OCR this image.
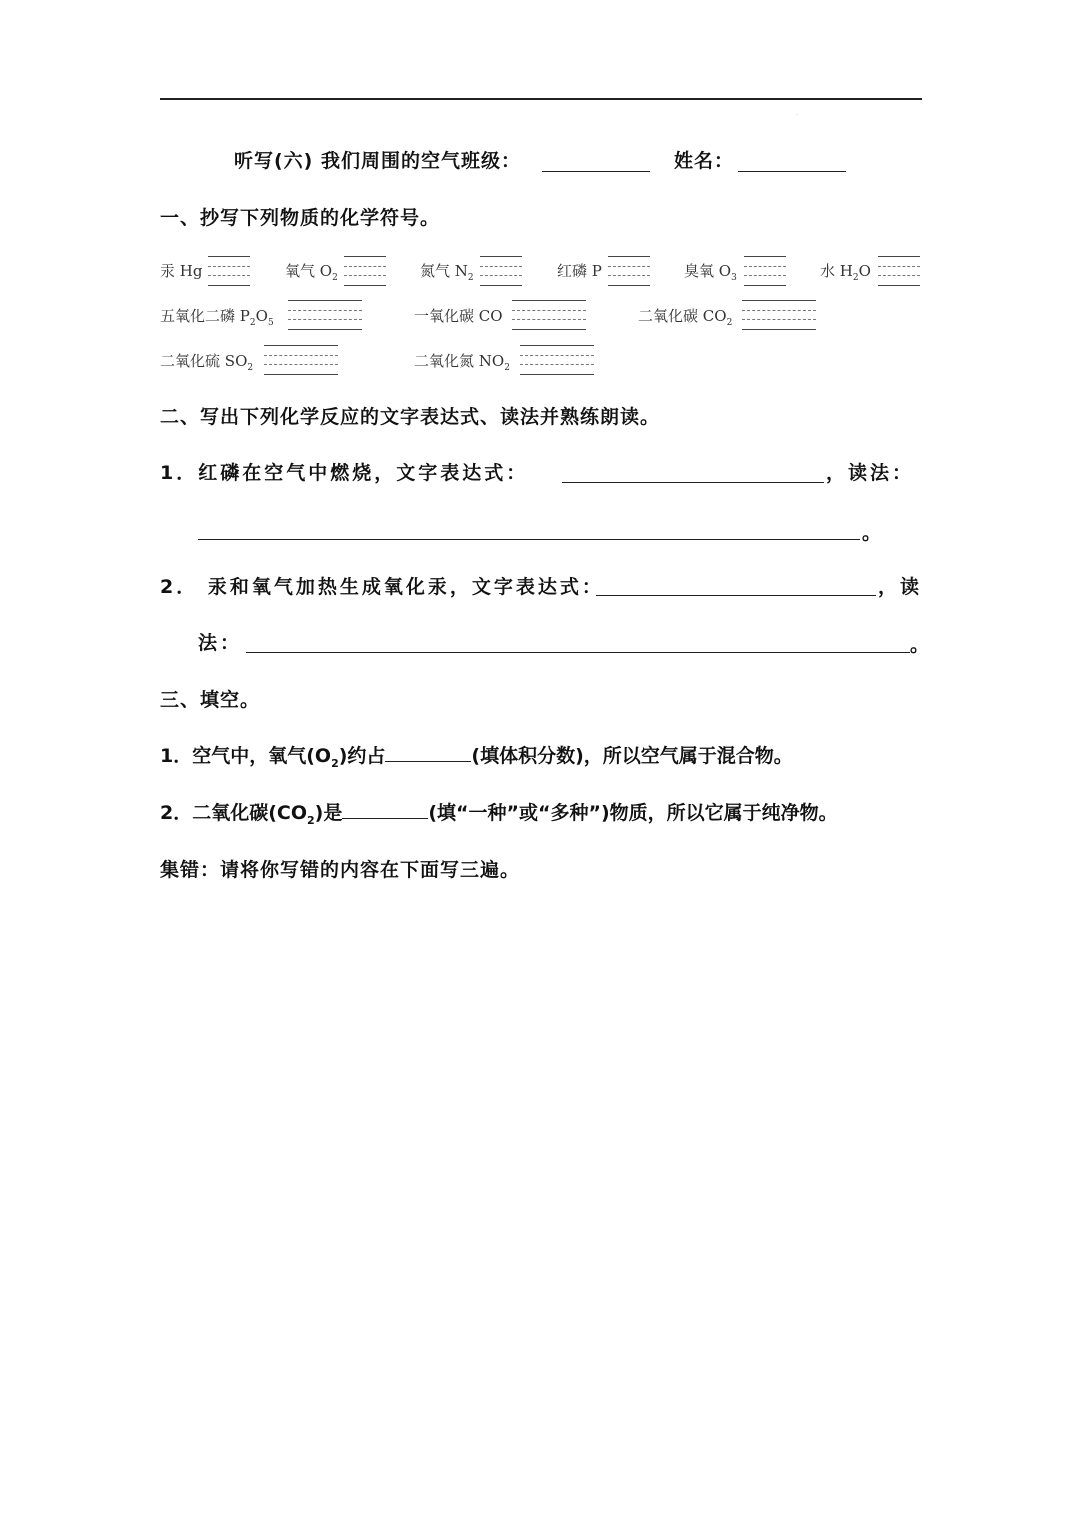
·
听写(六) 我们周围的空气班级：	姓名：
一、抄写下列物质的化学符号。
汞 Hg	氧气 $O_2$	氮气 $N_2$	红磷 P	臭氧 $O_3$	水 $H_2O$
五氧化二磷 $P_2O_5$	一氧化碳 CO	二氧化碳 $CO_2$
二氧化硫 $SO_2$	二氧化氮 $NO_2$
二、写出下列化学反应的文字表达式、读法并熟练朗读。
1．红磷在空气中燃烧，文字表达式：	，读法：
。
2． 汞和氧气加热生成氧化汞，文字表达式：	，读
法：	。
三、填空。
1．空气中，氧气$(O_2)$约占	(填体积分数)，所以空气属于混合物。
2．二氧化碳$(CO_2)$是	(填“一种”或“多种”)物质，所以它属于纯净物。
集错：请将你写错的内容在下面写三遍。
